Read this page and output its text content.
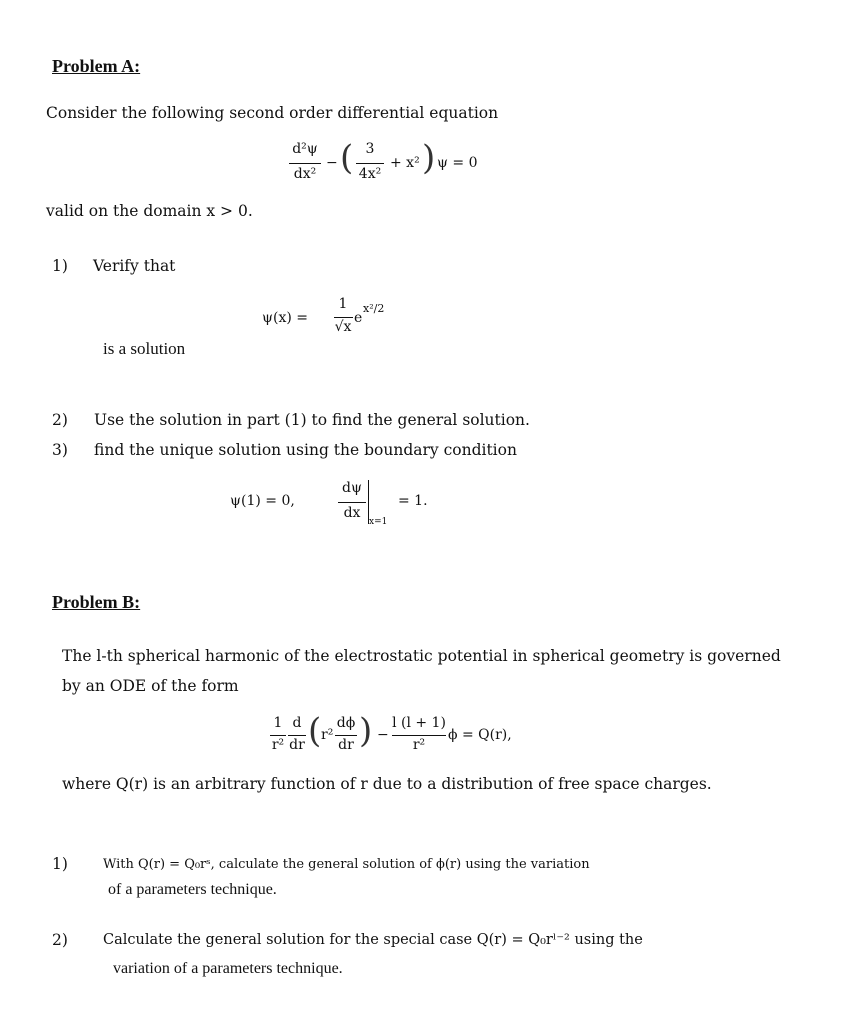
Problem A:
Consider the following second order differential equation
d²ψ
dx²
− ( 3
4x²
+ x² ) ψ = 0
valid on the domain x > 0.
1) Verify that
ψ(x) =
1
√x
e
x²/2
is a solution
2) Use the solution in part (1) to find the general solution.
3) find the unique solution using the boundary condition
ψ(1) = 0,
dψ
dx
x=1
= 1.
Problem B:
The l-th spherical harmonic of the electrostatic potential in spherical geometry is governed
by an ODE of the form
1
r²
d
dr ( r²
dϕ
dr ) −
l (l + 1)
r²
ϕ = Q(r),
where Q(r) is an arbitrary function of r due to a distribution of free space charges.
1)	With Q(r) = Q₀rˢ, calculate the general solution of ϕ(r) using the variation
of a parameters technique.
2) Calculate the general solution for the special case Q(r) = Q₀rˡ⁻² using the
variation of a parameters technique.
